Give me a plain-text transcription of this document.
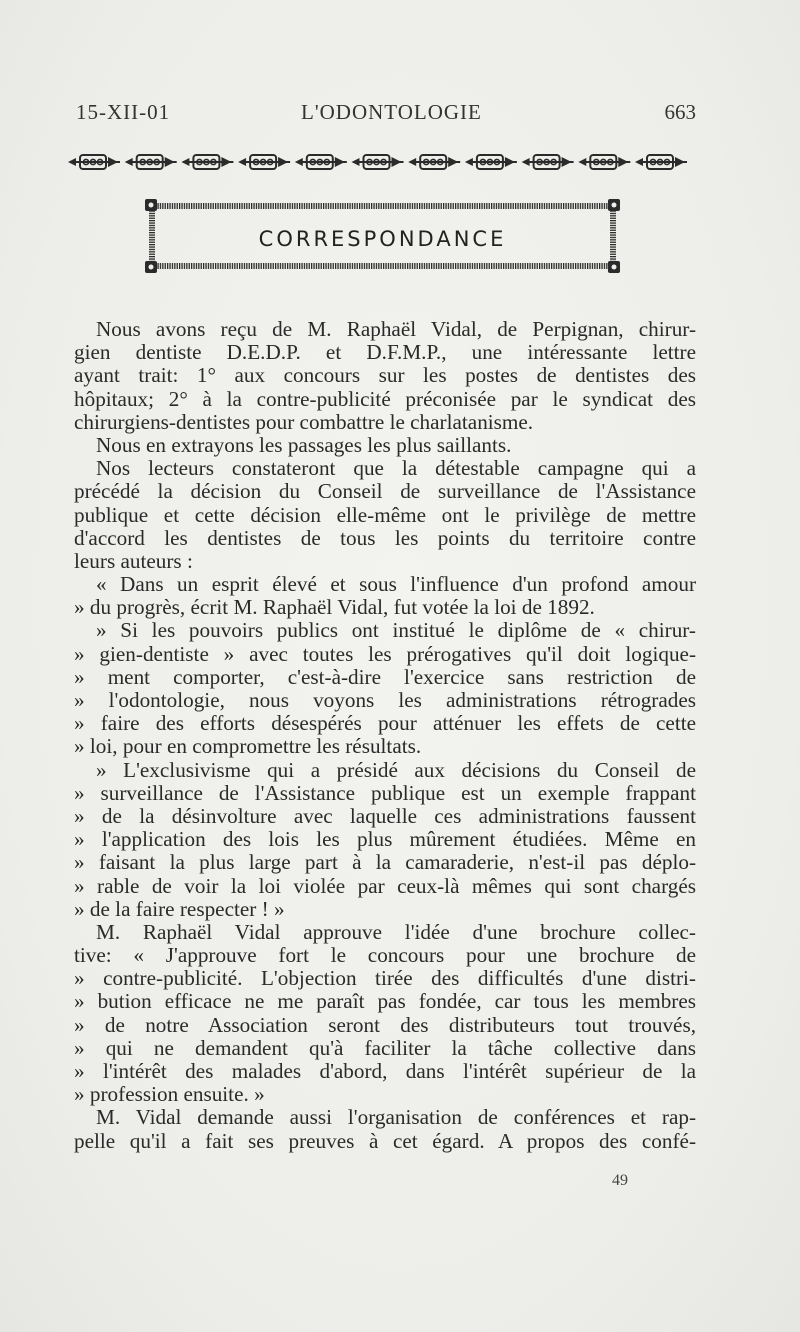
15-XII-01	L'ODONTOLOGIE	663
CORRESPONDANCE
Nous avons reçu de M. Raphaël Vidal, de Perpignan, chirur-
gien dentiste D.E.D.P. et D.F.M.P., une intéressante lettre
ayant trait: 1° aux concours sur les postes de dentistes des
hôpitaux; 2° à la contre-publicité préconisée par le syndicat des
chirurgiens-dentistes pour combattre le charlatanisme.
Nous en extrayons les passages les plus saillants.
Nos lecteurs constateront que la détestable campagne qui a
précédé la décision du Conseil de surveillance de l'Assistance
publique et cette décision elle-même ont le privilège de mettre
d'accord les dentistes de tous les points du territoire contre
leurs auteurs :
« Dans un esprit élevé et sous l'influence d'un profond amour
» du progrès, écrit M. Raphaël Vidal, fut votée la loi de 1892.
» Si les pouvoirs publics ont institué le diplôme de « chirur-
» gien-dentiste » avec toutes les prérogatives qu'il doit logique-
» ment comporter, c'est-à-dire l'exercice sans restriction de
» l'odontologie, nous voyons les administrations rétrogrades
» faire des efforts désespérés pour atténuer les effets de cette
» loi, pour en compromettre les résultats.
» L'exclusivisme qui a présidé aux décisions du Conseil de
» surveillance de l'Assistance publique est un exemple frappant
» de la désinvolture avec laquelle ces administrations faussent
» l'application des lois les plus mûrement étudiées. Même en
» faisant la plus large part à la camaraderie, n'est-il pas déplo-
» rable de voir la loi violée par ceux-là mêmes qui sont chargés
» de la faire respecter ! »
M. Raphaël Vidal approuve l'idée d'une brochure collec-
tive: « J'approuve fort le concours pour une brochure de
» contre-publicité. L'objection tirée des difficultés d'une distri-
» bution efficace ne me paraît pas fondée, car tous les membres
» de notre Association seront des distributeurs tout trouvés,
» qui ne demandent qu'à faciliter la tâche collective dans
» l'intérêt des malades d'abord, dans l'intérêt supérieur de la
» profession ensuite. »
M. Vidal demande aussi l'organisation de conférences et rap-
pelle qu'il a fait ses preuves à cet égard. A propos des confé-
49
